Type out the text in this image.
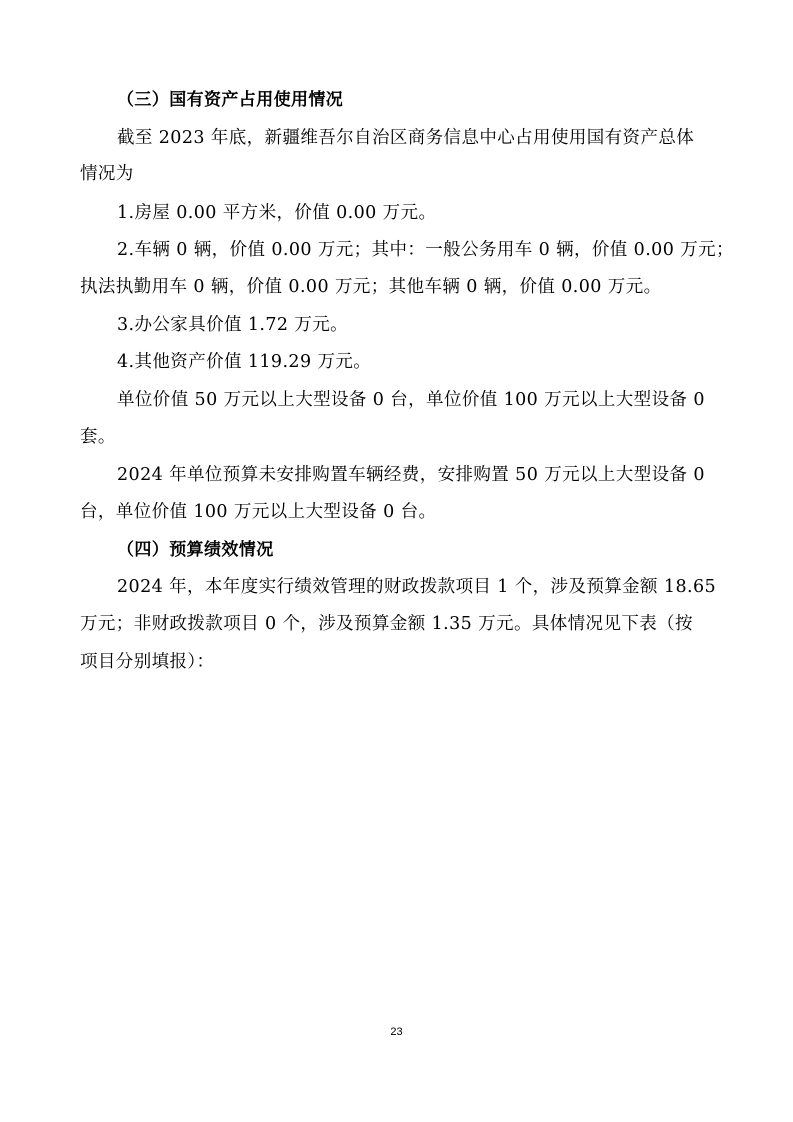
（三）国有资产占用使用情况
截至 2023 年底，新疆维吾尔自治区商务信息中心占用使用国有资产总体
情况为
1.房屋 0.00 平方米，价值 0.00 万元。
2.车辆 0 辆，价值 0.00 万元；其中：一般公务用车 0 辆，价值 0.00 万元；
执法执勤用车 0 辆，价值 0.00 万元；其他车辆 0 辆，价值 0.00 万元。
3.办公家具价值 1.72 万元。
4.其他资产价值 119.29 万元。
单位价值 50 万元以上大型设备 0 台，单位价值 100 万元以上大型设备 0
套。
2024 年单位预算未安排购置车辆经费，安排购置 50 万元以上大型设备 0
台，单位价值 100 万元以上大型设备 0 台。
（四）预算绩效情况
2024 年，本年度实行绩效管理的财政拨款项目 1 个，涉及预算金额 18.65
万元；非财政拨款项目 0 个，涉及预算金额 1.35 万元。具体情况见下表（按
项目分别填报）：
23
